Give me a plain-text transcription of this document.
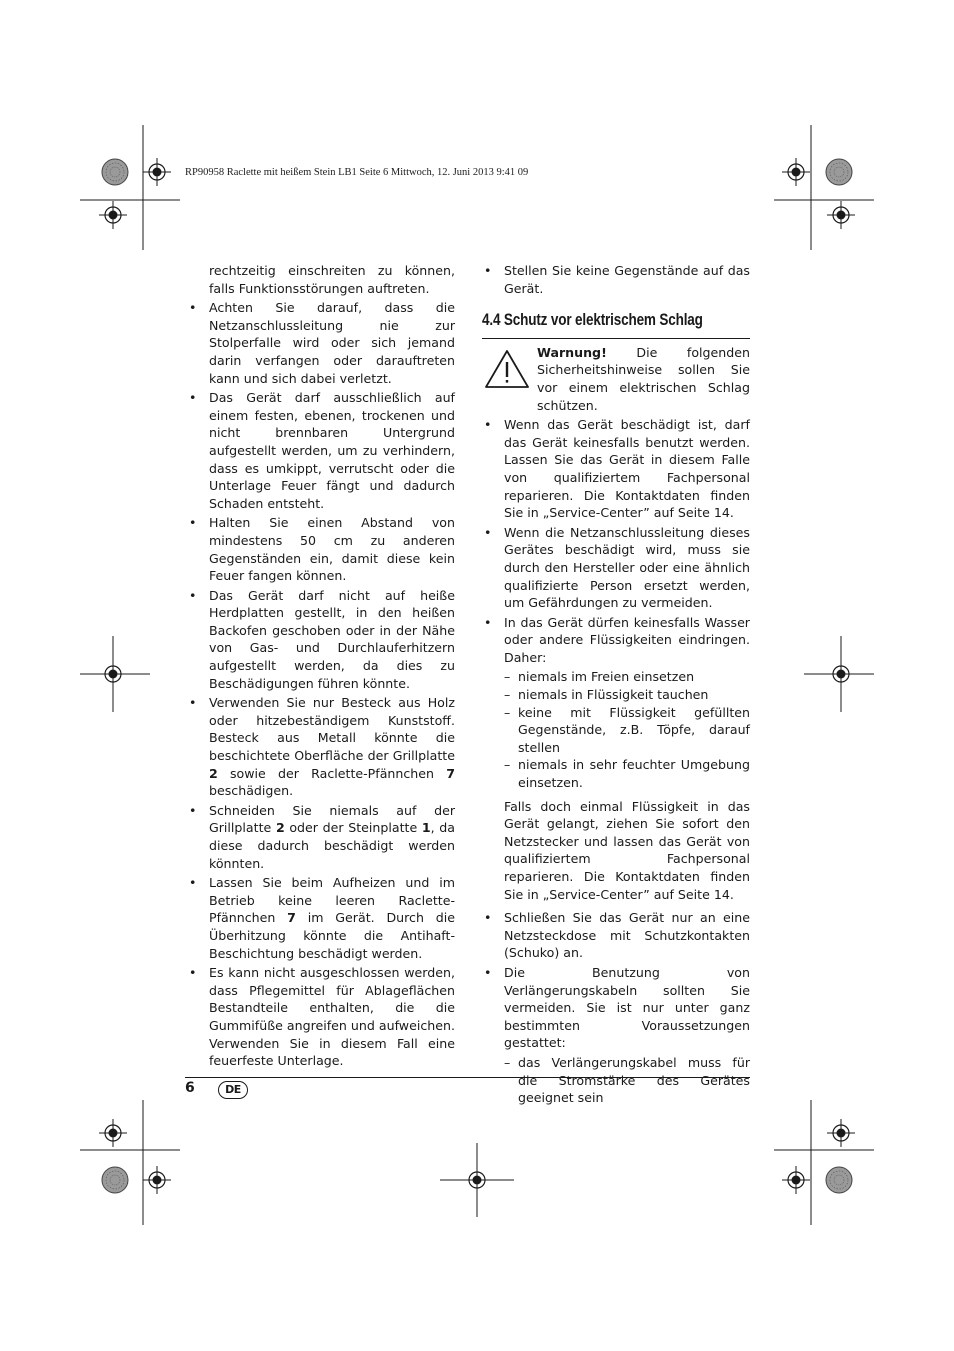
RP90958 Raclette mit heißem Stein LB1 Seite 6 Mittwoch, 12. Juni 2013 9:41 09

rechtzeitig einschreiten zu können, falls Funktionsstörungen auftreten.

• Achten Sie darauf, dass die Netzanschlussleitung nie zur Stolperfalle wird oder sich jemand darin verfangen oder darauftreten kann und sich dabei verletzt.

• Das Gerät darf ausschließlich auf einem festen, ebenen, trockenen und nicht brennbaren Untergrund aufgestellt werden, um zu verhindern, dass es umkippt, verrutscht oder die Unterlage Feuer fängt und dadurch Schaden entsteht.

• Halten Sie einen Abstand von mindestens 50 cm zu anderen Gegenständen ein, damit diese kein Feuer fangen können.

• Das Gerät darf nicht auf heiße Herdplatten gestellt, in den heißen Backofen geschoben oder in der Nähe von Gas- und Durchlauferhitzern aufgestellt werden, da dies zu Beschädigungen führen könnte.

• Verwenden Sie nur Besteck aus Holz oder hitzebeständigem Kunststoff. Besteck aus Metall könnte die beschichtete Oberfläche der Grillplatte 2 sowie der Raclette-Pfännchen 7 beschädigen.

• Schneiden Sie niemals auf der Grillplatte 2 oder der Steinplatte 1, da diese dadurch beschädigt werden könnten.

• Lassen Sie beim Aufheizen und im Betrieb keine leeren Raclette-Pfännchen 7 im Gerät. Durch die Überhitzung könnte die Antihaft-Beschichtung beschädigt werden.

• Es kann nicht ausgeschlossen werden, dass Pflegemittel für Ablageflächen Bestandteile enthalten, die die Gummifüße angreifen und aufweichen. Verwenden Sie in diesem Fall eine feuerfeste Unterlage.

• Stellen Sie keine Gegenstände auf das Gerät.

4.4 Schutz vor elektrischem Schlag
Warnung! Die folgenden Sicherheitshinweise sollen Sie vor einem elektrischen Schlag schützen.

• Wenn das Gerät beschädigt ist, darf das Gerät keinesfalls benutzt werden. Lassen Sie das Gerät in diesem Falle von qualifiziertem Fachpersonal reparieren. Die Kontaktdaten finden Sie in „Service-Center” auf Seite 14.

• Wenn die Netzanschlussleitung dieses Gerätes beschädigt wird, muss sie durch den Hersteller oder eine ähnlich qualifizierte Person ersetzt werden, um Gefährdungen zu vermeiden.

• In das Gerät dürfen keinesfalls Wasser oder andere Flüssigkeiten eindringen. Daher:

– niemals im Freien einsetzen

– niemals in Flüssigkeit tauchen

– keine mit Flüssigkeit gefüllten Gegenstände, z.B. Töpfe, darauf stellen

– niemals in sehr feuchter Umgebung einsetzen.

Falls doch einmal Flüssigkeit in das Gerät gelangt, ziehen Sie sofort den Netzstecker und lassen das Gerät von qualifiziertem Fachpersonal reparieren. Die Kontaktdaten finden Sie in „Service-Center” auf Seite 14.

• Schließen Sie das Gerät nur an eine Netzsteckdose mit Schutzkontakten (Schuko) an.

• Die Benutzung von Verlängerungskabeln sollten Sie vermeiden. Sie ist nur unter ganz bestimmten Voraussetzungen gestattet:

– das Verlängerungskabel muss für die Stromstärke des Gerätes geeignet sein

6	DE
